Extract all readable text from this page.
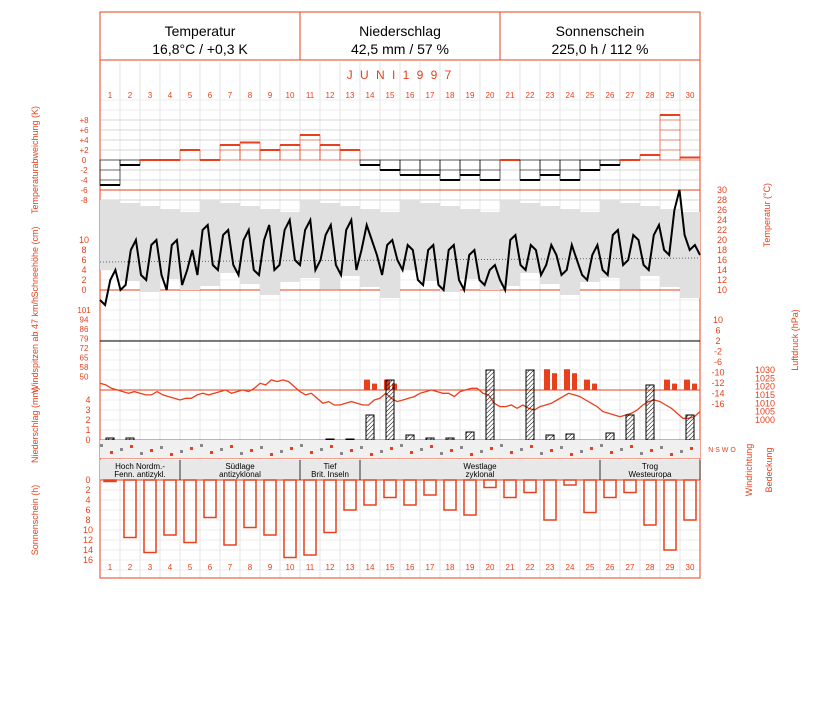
Temperatur
16,8°C / +0,3 K
Niederschlag
42,5 mm / 57 %
Sonnenschein
225,0 h / 112 %
J U N I 1 9 9 7
1
1
2
2
3
3
4
4
5
5
6
6
7
7
8
8
9
9
10
10
11
11
12
12
13
13
14
14
15
15
16
16
17
17
18
18
19
19
20
20
21
21
22
22
23
23
24
24
25
25
26
26
27
27
28
28
29
29
30
30
+8
+6
+4
+2
0
-2
-4
-6
-8
Temperaturabweichung (K)	30
28
26
24
22
20
18
16
14
12
10
Temperatur (°C)
10
8
6
4
2
0
Schneehöhe (cm)
101
94
86
79
72
65
58
50
Windspitzen ab 47 km/h	1030
1025
1020
1015
1010
1005
1000
Luftdruck (hPa)
10
6
2
-2
-6
-10
-12
-14
-16
4
3
2
1
0
Niederschlag (mm)	N S W O Windrichtung Bedeckung
Hoch Nordm.-
Fenn. antizykl.
Südlage
antizyklonal
Tief
Brit. Inseln
Westlage
zyklonal
Trog
Westeuropa
0
2
4
6
8
10
12
14
16
Sonnenschein (h)
